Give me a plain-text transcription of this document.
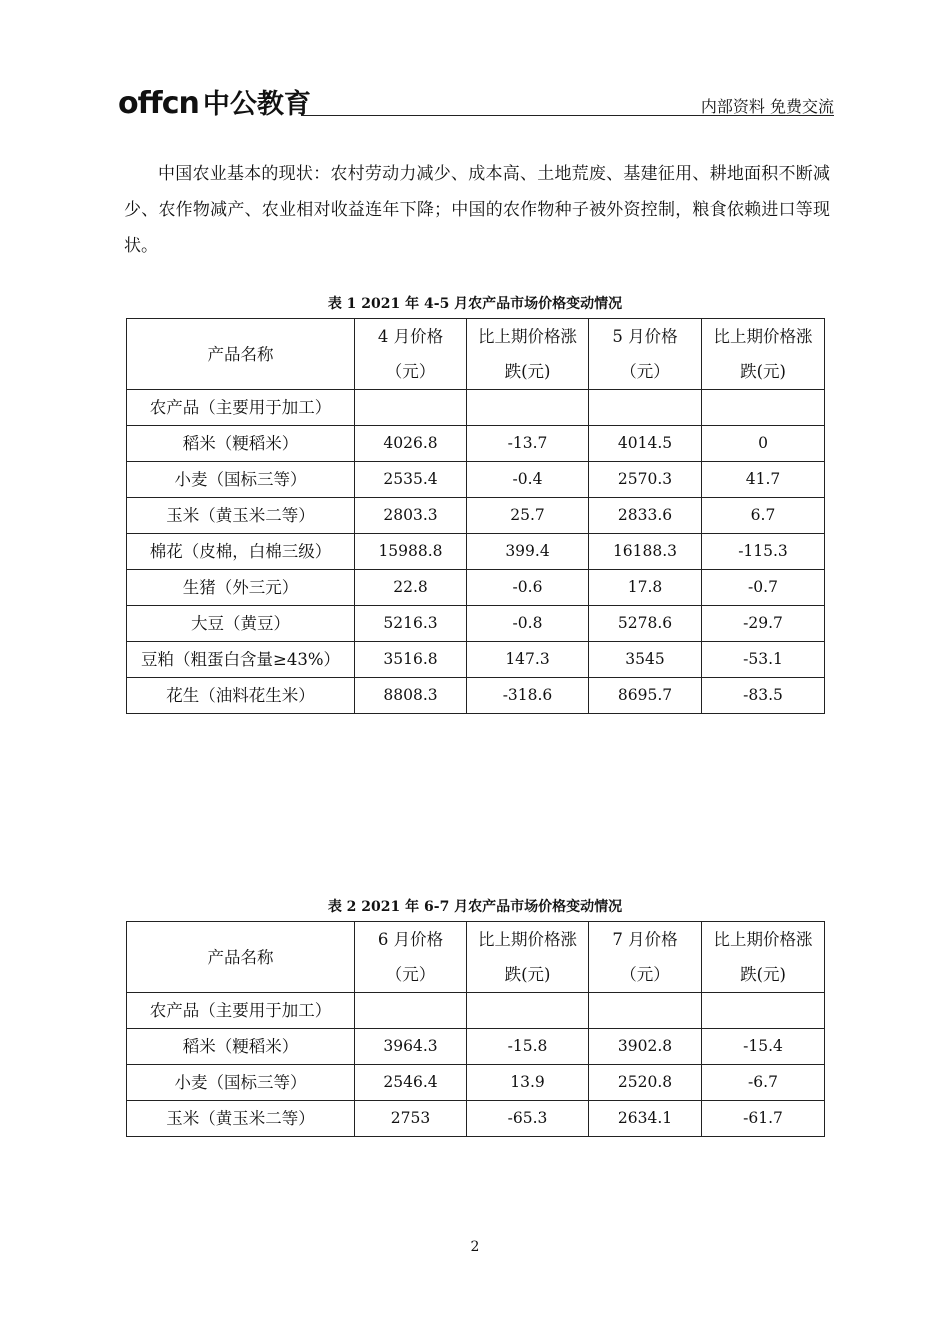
offcn 中公教育	内部资料 免费交流
中国农业基本的现状：农村劳动力减少、成本高、土地荒废、基建征用、耕地面积不断减少、农作物减产、农业相对收益连年下降；中国的农作物种子被外资控制，粮食依赖进口等现状。
表 1 2021 年 4-5 月农产品市场价格变动情况
产品名称	4 月价格（元）	比上期价格涨跌(元)	5 月价格（元）	比上期价格涨跌(元)
农产品（主要用于加工）				
稻米（粳稻米）	4026.8	-13.7	4014.5	0
小麦（国标三等）	2535.4	-0.4	2570.3	41.7
玉米（黄玉米二等）	2803.3	25.7	2833.6	6.7
棉花（皮棉，白棉三级）	15988.8	399.4	16188.3	-115.3
生猪（外三元）	22.8	-0.6	17.8	-0.7
大豆（黄豆）	5216.3	-0.8	5278.6	-29.7
豆粕（粗蛋白含量≥43%）	3516.8	147.3	3545	-53.1
花生（油料花生米）	8808.3	-318.6	8695.7	-83.5
表 2 2021 年 6-7 月农产品市场价格变动情况
产品名称	6 月价格（元）	比上期价格涨跌(元)	7 月价格（元）	比上期价格涨跌(元)
农产品（主要用于加工）				
稻米（粳稻米）	3964.3	-15.8	3902.8	-15.4
小麦（国标三等）	2546.4	13.9	2520.8	-6.7
玉米（黄玉米二等）	2753	-65.3	2634.1	-61.7
2
